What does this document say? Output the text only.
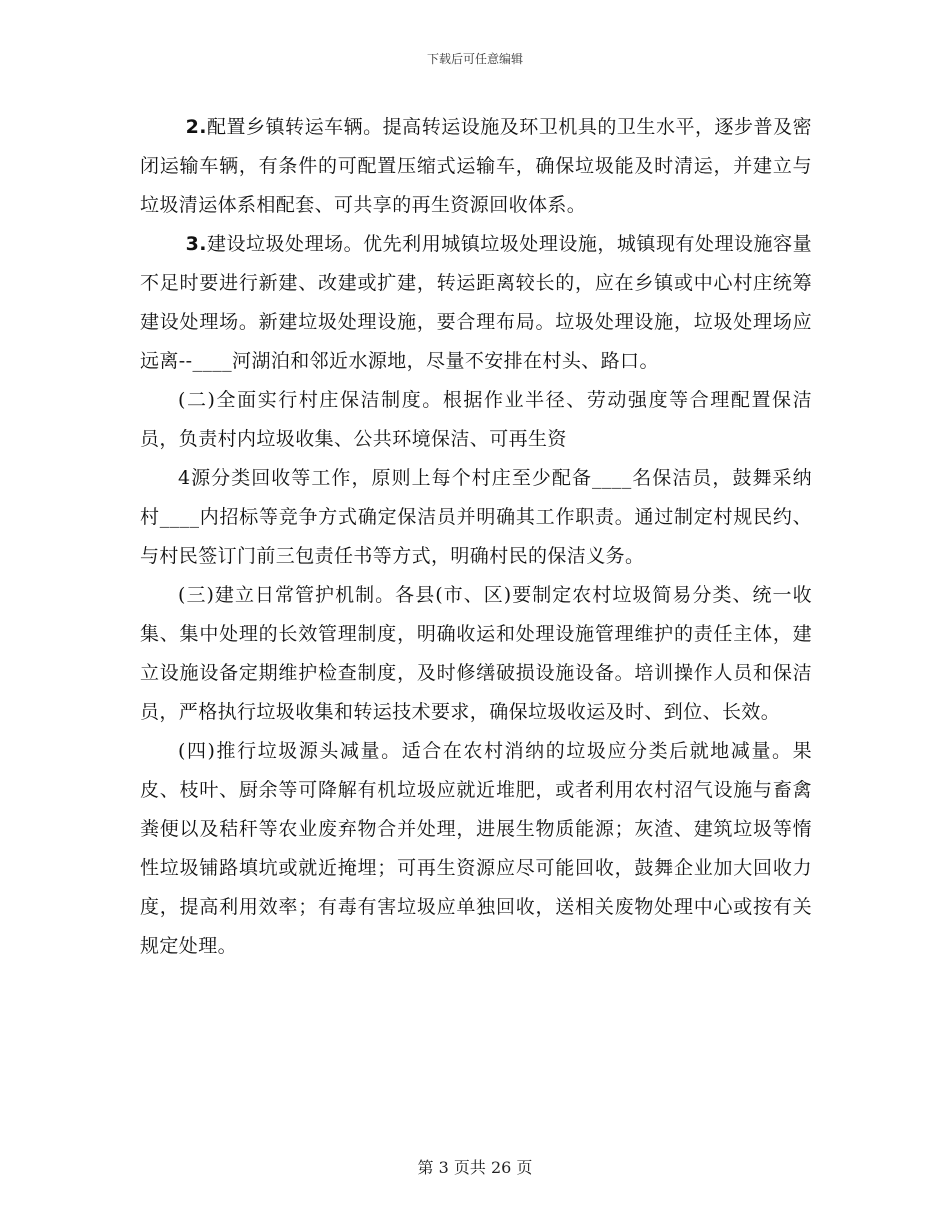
下载后可任意编辑

2.配置乡镇转运车辆。提高转运设施及环卫机具的卫生水平，逐步普及密闭运输车辆，有条件的可配置压缩式运输车，确保垃圾能及时清运，并建立与垃圾清运体系相配套、可共享的再生资源回收体系。

3.建设垃圾处理场。优先利用城镇垃圾处理设施，城镇现有处理设施容量不足时要进行新建、改建或扩建，转运距离较长的，应在乡镇或中心村庄统筹建设处理场。新建垃圾处理设施，要合理布局。垃圾处理设施，垃圾处理场应远离--____河湖泊和邻近水源地，尽量不安排在村头、路口。

(二)全面实行村庄保洁制度。根据作业半径、劳动强度等合理配置保洁员，负责村内垃圾收集、公共环境保洁、可再生资

4源分类回收等工作，原则上每个村庄至少配备____名保洁员，鼓舞采纳村____内招标等竞争方式确定保洁员并明确其工作职责。通过制定村规民约、与村民签订门前三包责任书等方式，明确村民的保洁义务。

(三)建立日常管护机制。各县(市、区)要制定农村垃圾简易分类、统一收集、集中处理的长效管理制度，明确收运和处理设施管理维护的责任主体，建立设施设备定期维护检查制度，及时修缮破损设施设备。培训操作人员和保洁员，严格执行垃圾收集和转运技术要求，确保垃圾收运及时、到位、长效。

(四)推行垃圾源头减量。适合在农村消纳的垃圾应分类后就地减量。果皮、枝叶、厨余等可降解有机垃圾应就近堆肥，或者利用农村沼气设施与畜禽粪便以及秸秆等农业废弃物合并处理，进展生物质能源；灰渣、建筑垃圾等惰性垃圾铺路填坑或就近掩埋；可再生资源应尽可能回收，鼓舞企业加大回收力度，提高利用效率；有毒有害垃圾应单独回收，送相关废物处理中心或按有关规定处理。

第 3 页共 26 页
